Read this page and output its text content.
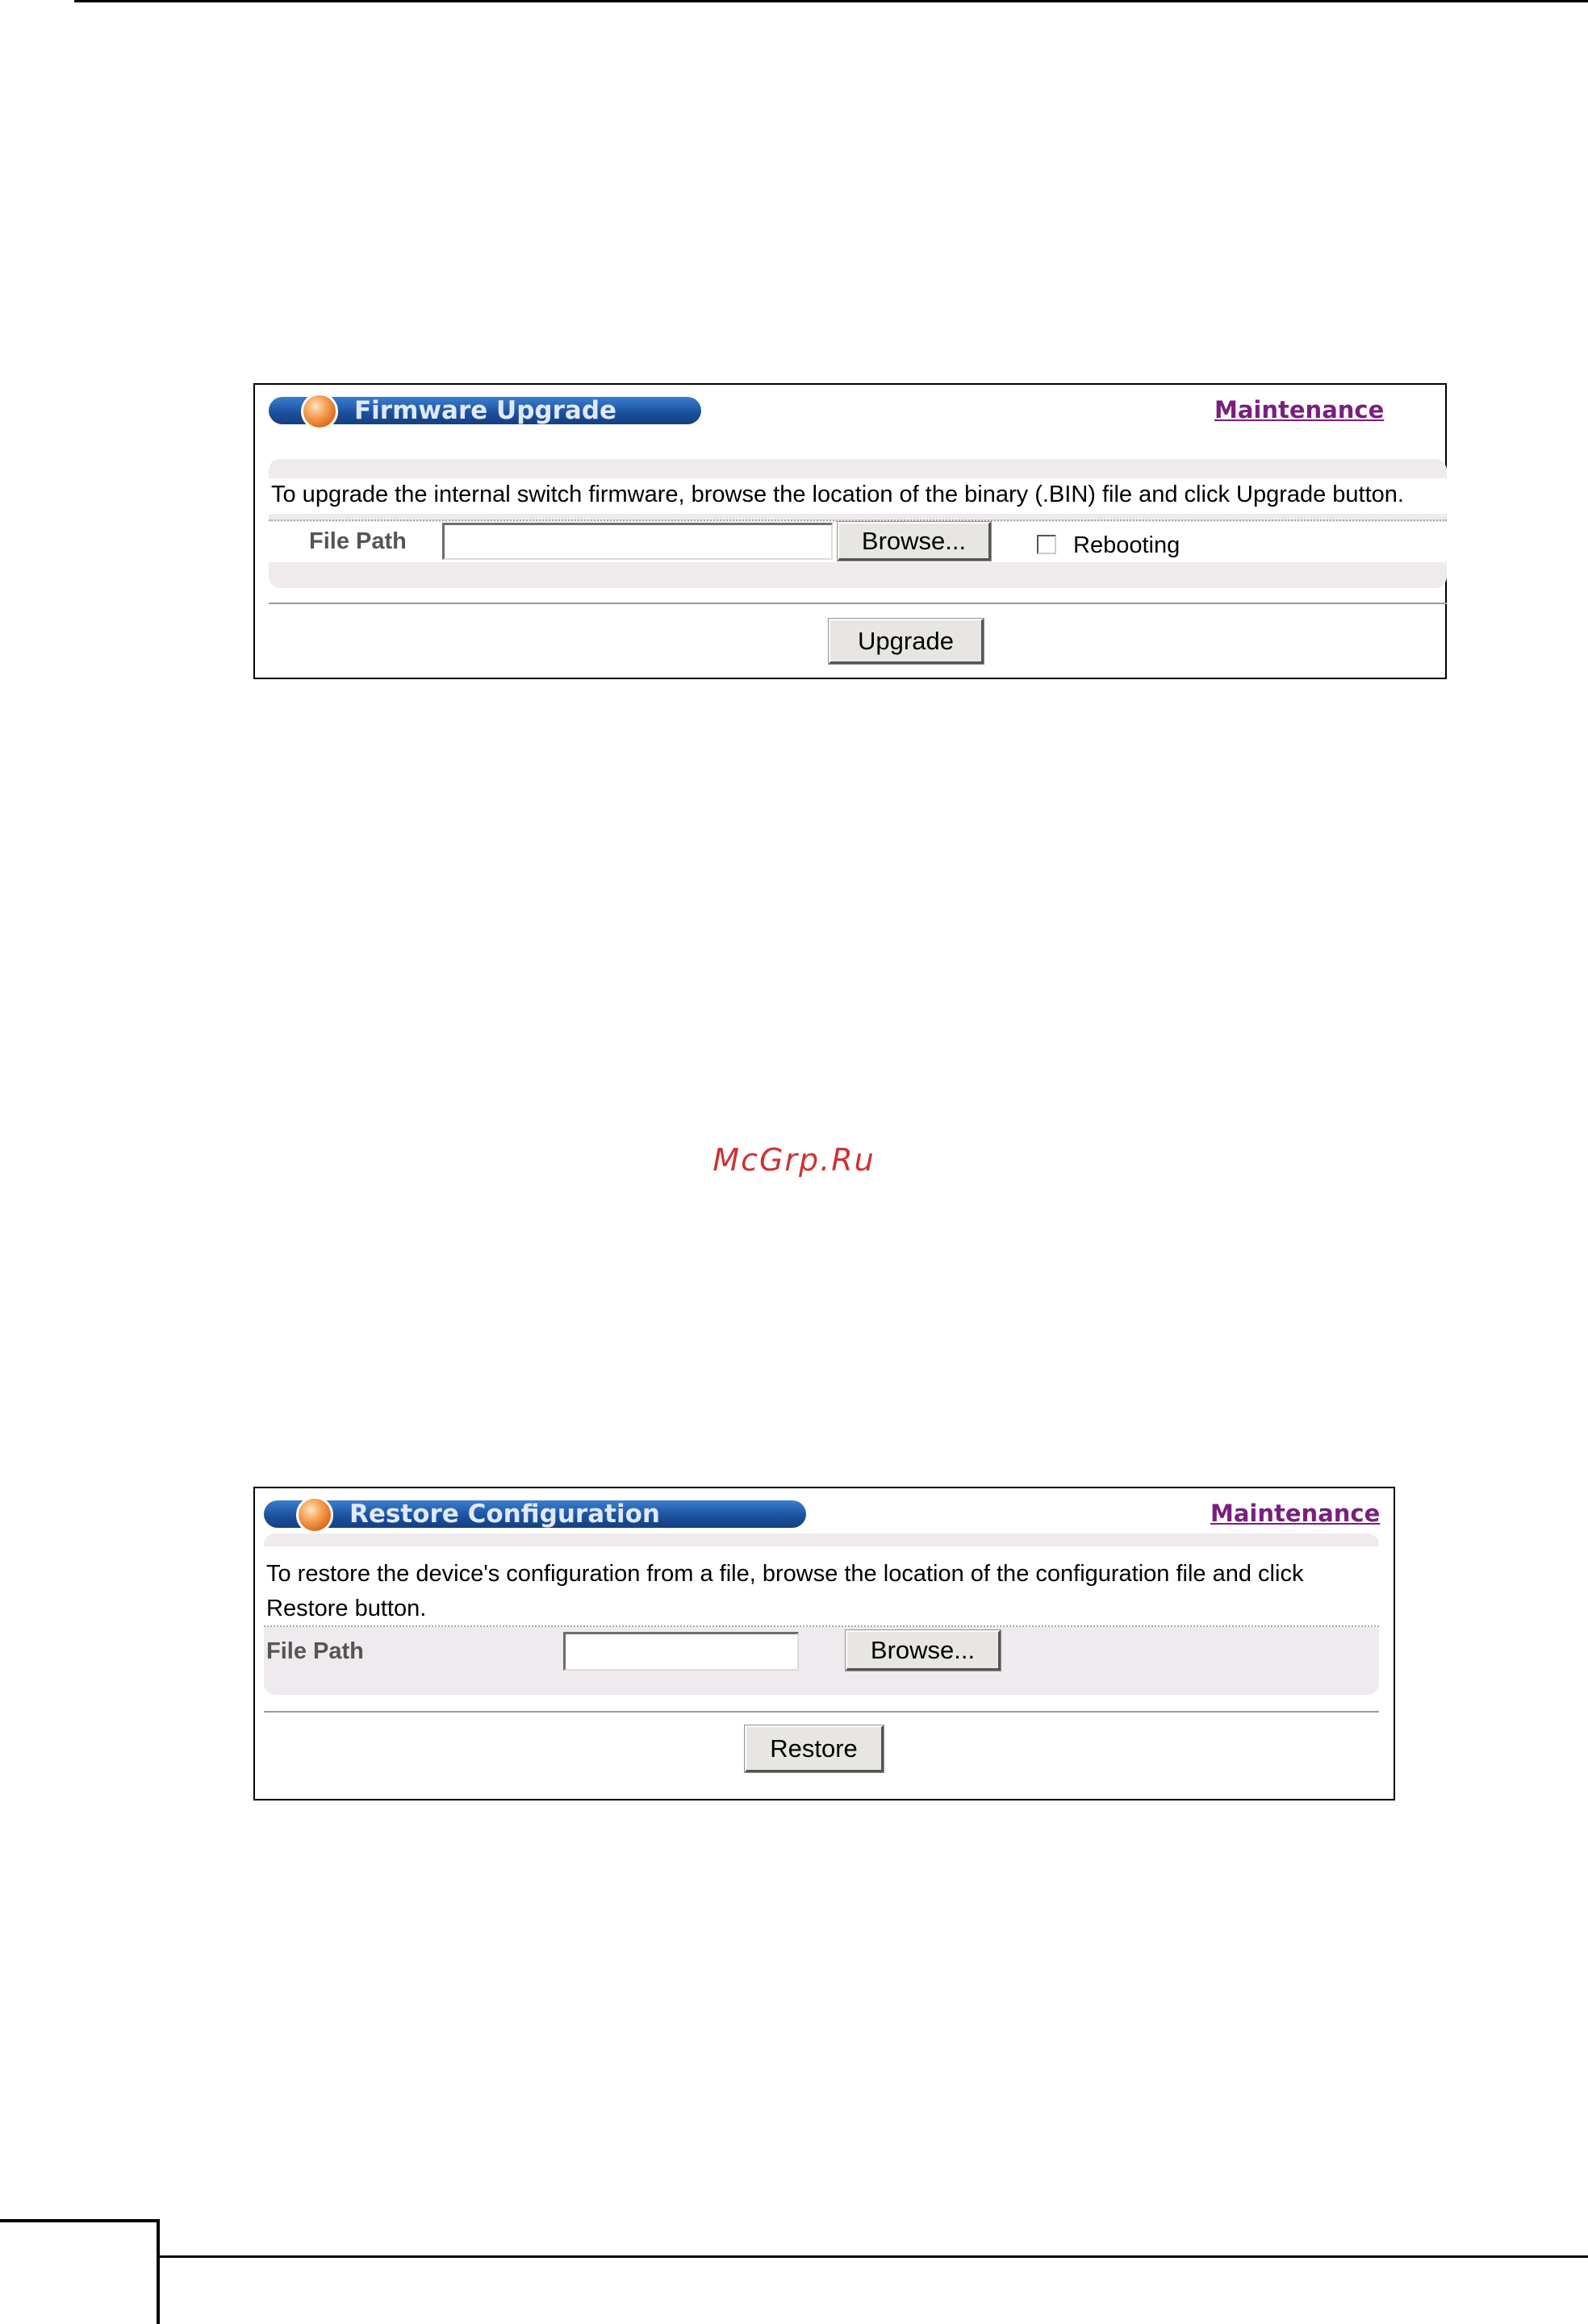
Firmware Upgrade	Maintenance
To upgrade the internal switch firmware, browse the location of the binary (.BIN) file and click Upgrade button.
File Path	Browse...	Rebooting
Upgrade
McGrp.Ru
Restore Configuration	Maintenance
To restore the device's configuration from a file, browse the location of the configuration file and click
Restore button.
File Path	Browse...
Restore
